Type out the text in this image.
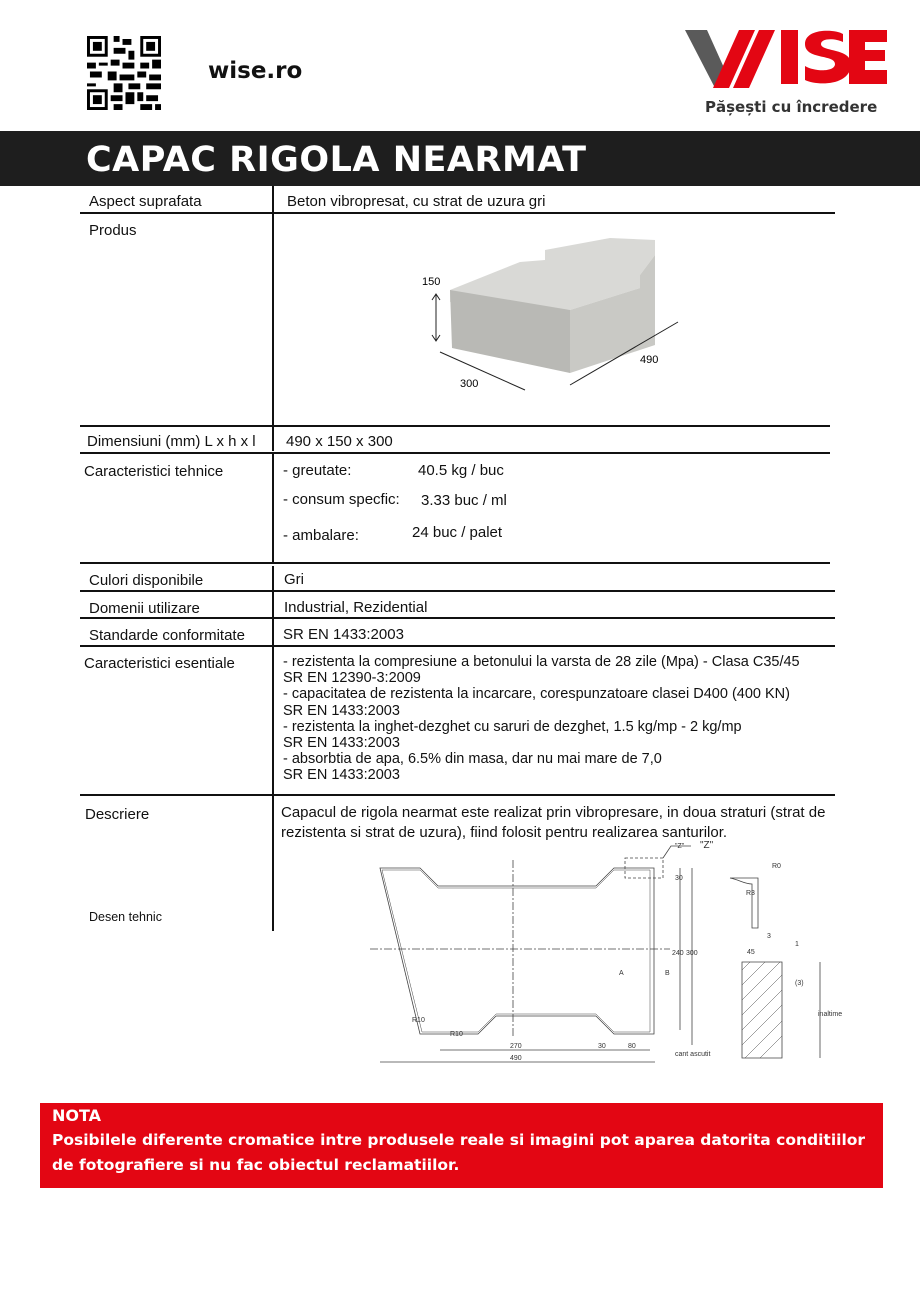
wise.ro
Pășești cu încredere
CAPAC RIGOLA NEARMAT
Aspect suprafata	Beton vibropresat, cu strat de uzura gri
Produs
150
490
300
Dimensiuni (mm) L x h x l 490 x 150 x 300
Caracteristici tehnice	- greutate:	40.5 kg / buc
- consum specfic: 3.33 buc / ml
- ambalare:	24 buc / palet
Culori disponibile	Gri
Domenii utilizare	Industrial, Rezidential
Standarde conformitate	SR EN 1433:2003
Caracteristici esentiale	- rezistenta la compresiune a betonului la varsta de 28 zile (Mpa) - Clasa C35/45
SR EN 12390-3:2009
- capacitatea de rezistenta la incarcare, corespunzatoare clasei D400 (400 KN)
SR EN 1433:2003
- rezistenta la inghet-dezghet cu saruri de dezghet, 1.5 kg/mp - 2 kg/mp
SR EN 1433:2003
- absorbtia de apa, 6.5% din masa, dar nu mai mare de 7,0
SR EN 1433:2003
Descriere	Capacul de rigola nearmat este realizat prin vibropresare, in doua straturi (strat de rezistenta si strat de uzura), fiind folosit pentru realizarea santurilor.
Desen tehnic
"Z" "Z"
30
240 300
A	B
R10
R10
270	30	80
490
cant ascutit
R3
R0
3
1
45
(3)
inaltime
NOTA
Posibilele diferente cromatice intre produsele reale si imagini pot aparea datorita conditiilor de fotografiere si nu fac obiectul reclamatiilor.
